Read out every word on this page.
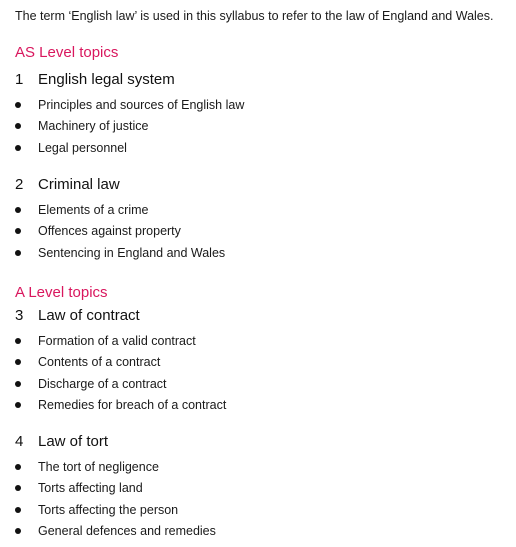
The term ‘English law’ is used in this syllabus to refer to the law of England and Wales.
AS Level topics
1 English legal system
Principles and sources of English law
Machinery of justice
Legal personnel
2 Criminal law
Elements of a crime
Offences against property
Sentencing in England and Wales
A Level topics
3 Law of contract
Formation of a valid contract
Contents of a contract
Discharge of a contract
Remedies for breach of a contract
4 Law of tort
The tort of negligence
Torts affecting land
Torts affecting the person
General defences and remedies
